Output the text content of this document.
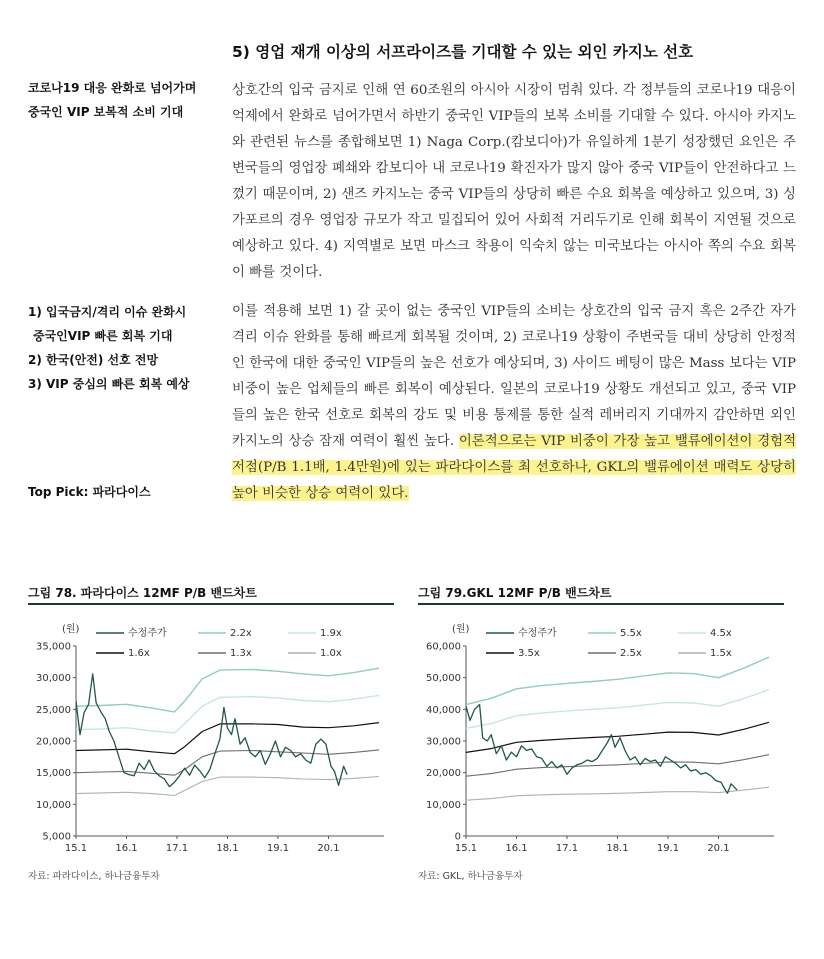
5) 영업 재개 이상의 서프라이즈를 기대할 수 있는 외인 카지노 선호
코로나19 대응 완화로 넘어가며
중국인 VIP 보복적 소비 기대
1) 입국금지/격리 이슈 완화시
중국인VIP 빠른 회복 기대
2) 한국(안전) 선호 전망
3) VIP 중심의 빠른 회복 예상
Top Pick: 파라다이스
상호간의 입국 금지로 인해 연 60조원의 아시아 시장이 멈춰 있다. 각 정부들의 코로나19 대응이 억제에서 완화로 넘어가면서 하반기 중국인 VIP들의 보복 소비를 기대할 수 있다. 아시아 카지노와 관련된 뉴스를 종합해보면 1) Naga Corp.(캄보디아)가 유일하게 1분기 성장했던 요인은 주변국들의 영업장 폐쇄와 캄보디아 내 코로나19 확진자가 많지 않아 중국 VIP들이 안전하다고 느꼈기 때문이며, 2) 샌즈 카지노는 중국 VIP들의 상당히 빠른 수요 회복을 예상하고 있으며, 3) 싱가포르의 경우 영업장 규모가 작고 밀집되어 있어 사회적 거리두기로 인해 회복이 지연될 것으로 예상하고 있다. 4) 지역별로 보면 마스크 착용이 익숙치 않는 미국보다는 아시아 쪽의 수요 회복이 빠를 것이다.
이를 적용해 보면 1) 갈 곳이 없는 중국인 VIP들의 소비는 상호간의 입국 금지 혹은 2주간 자가 격리 이슈 완화를 통해 빠르게 회복될 것이며, 2) 코로나19 상황이 주변국들 대비 상당히 안정적인 한국에 대한 중국인 VIP들의 높은 선호가 예상되며, 3) 사이드 베팅이 많은 Mass 보다는 VIP 비중이 높은 업체들의 빠른 회복이 예상된다. 일본의 코로나19 상황도 개선되고 있고, 중국 VIP들의 높은 한국 선호로 회복의 강도 및 비용 통제를 통한 실적 레버리지 기대까지 감안하면 외인 카지노의 상승 잠재 여력이 훨씬 높다. 이론적으로는 VIP 비중이 가장 높고 밸류에이션이 경험적 저점(P/B 1.1배, 1.4만원)에 있는 파라다이스를 최 선호하나, GKL의 밸류에이션 매력도 상당히 높아 비슷한 상승 여력이 있다.
그림 78. 파라다이스 12MF P/B 밴드차트
(원)
5,000
10,000
15,000
20,000
25,000
30,000
35,000
15.1	16.1	17.1	18.1	19.1	20.1
수정주가	2.2x	1.9x
1.6x	1.3x	1.0x
자료: 파라다이스, 하나금융투자
그림 79.GKL 12MF P/B 밴드차트
(원)
0
10,000
20,000
30,000
40,000
50,000
60,000
15.1	16.1	17.1	18.1	19.1	20.1
수정주가	5.5x	4.5x
3.5x	2.5x	1.5x
자료: GKL, 하나금융투자
